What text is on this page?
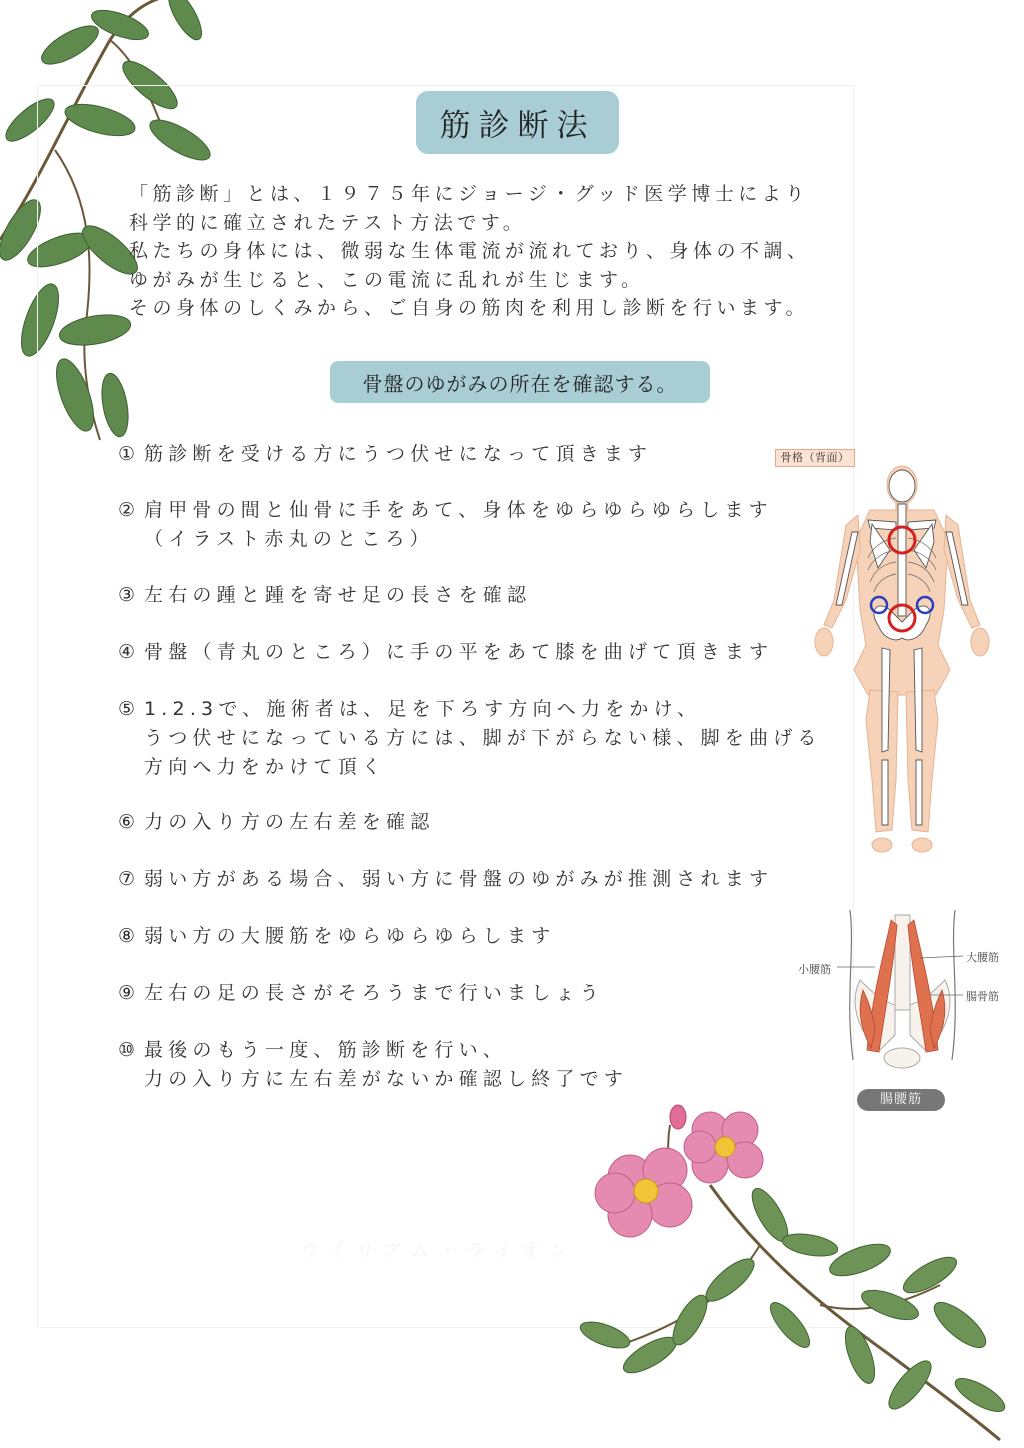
筋診断法

「筋診断」とは、１９７５年にジョージ・グッド医学博士により

科学的に確立されたテスト方法です。

私たちの身体には、微弱な生体電流が流れており、身体の不調、

ゆがみが生じると、この電流に乱れが生じます。

その身体のしくみから、ご自身の筋肉を利用し診断を行います。

骨盤のゆがみの所在を確認する。
① 筋診断を受ける方にうつ伏せになって頂きます
② 肩甲骨の間と仙骨に手をあて、身体をゆらゆらゆらします
（イラスト赤丸のところ）
③ 左右の踵と踵を寄せ足の長さを確認
④ 骨盤（青丸のところ）に手の平をあて膝を曲げて頂きます
⑤ 1.2.3で、施術者は、足を下ろす方向へ力をかけ、
うつ伏せになっている方には、脚が下がらない様、脚を曲げる
方向へ力をかけて頂く
⑥ 力の入り方の左右差を確認
⑦ 弱い方がある場合、弱い方に骨盤のゆがみが推測されます
⑧ 弱い方の大腰筋をゆらゆらゆらします
⑨ 左右の足の長さがそろうまで行いましょう
⑩ 最後のもう一度、筋診断を行い、
力の入り方に左右差がないか確認し終了です
骨格（背面）
小腰筋
大腰筋
腸骨筋
腸腰筋
ウイリアム・ライオン
